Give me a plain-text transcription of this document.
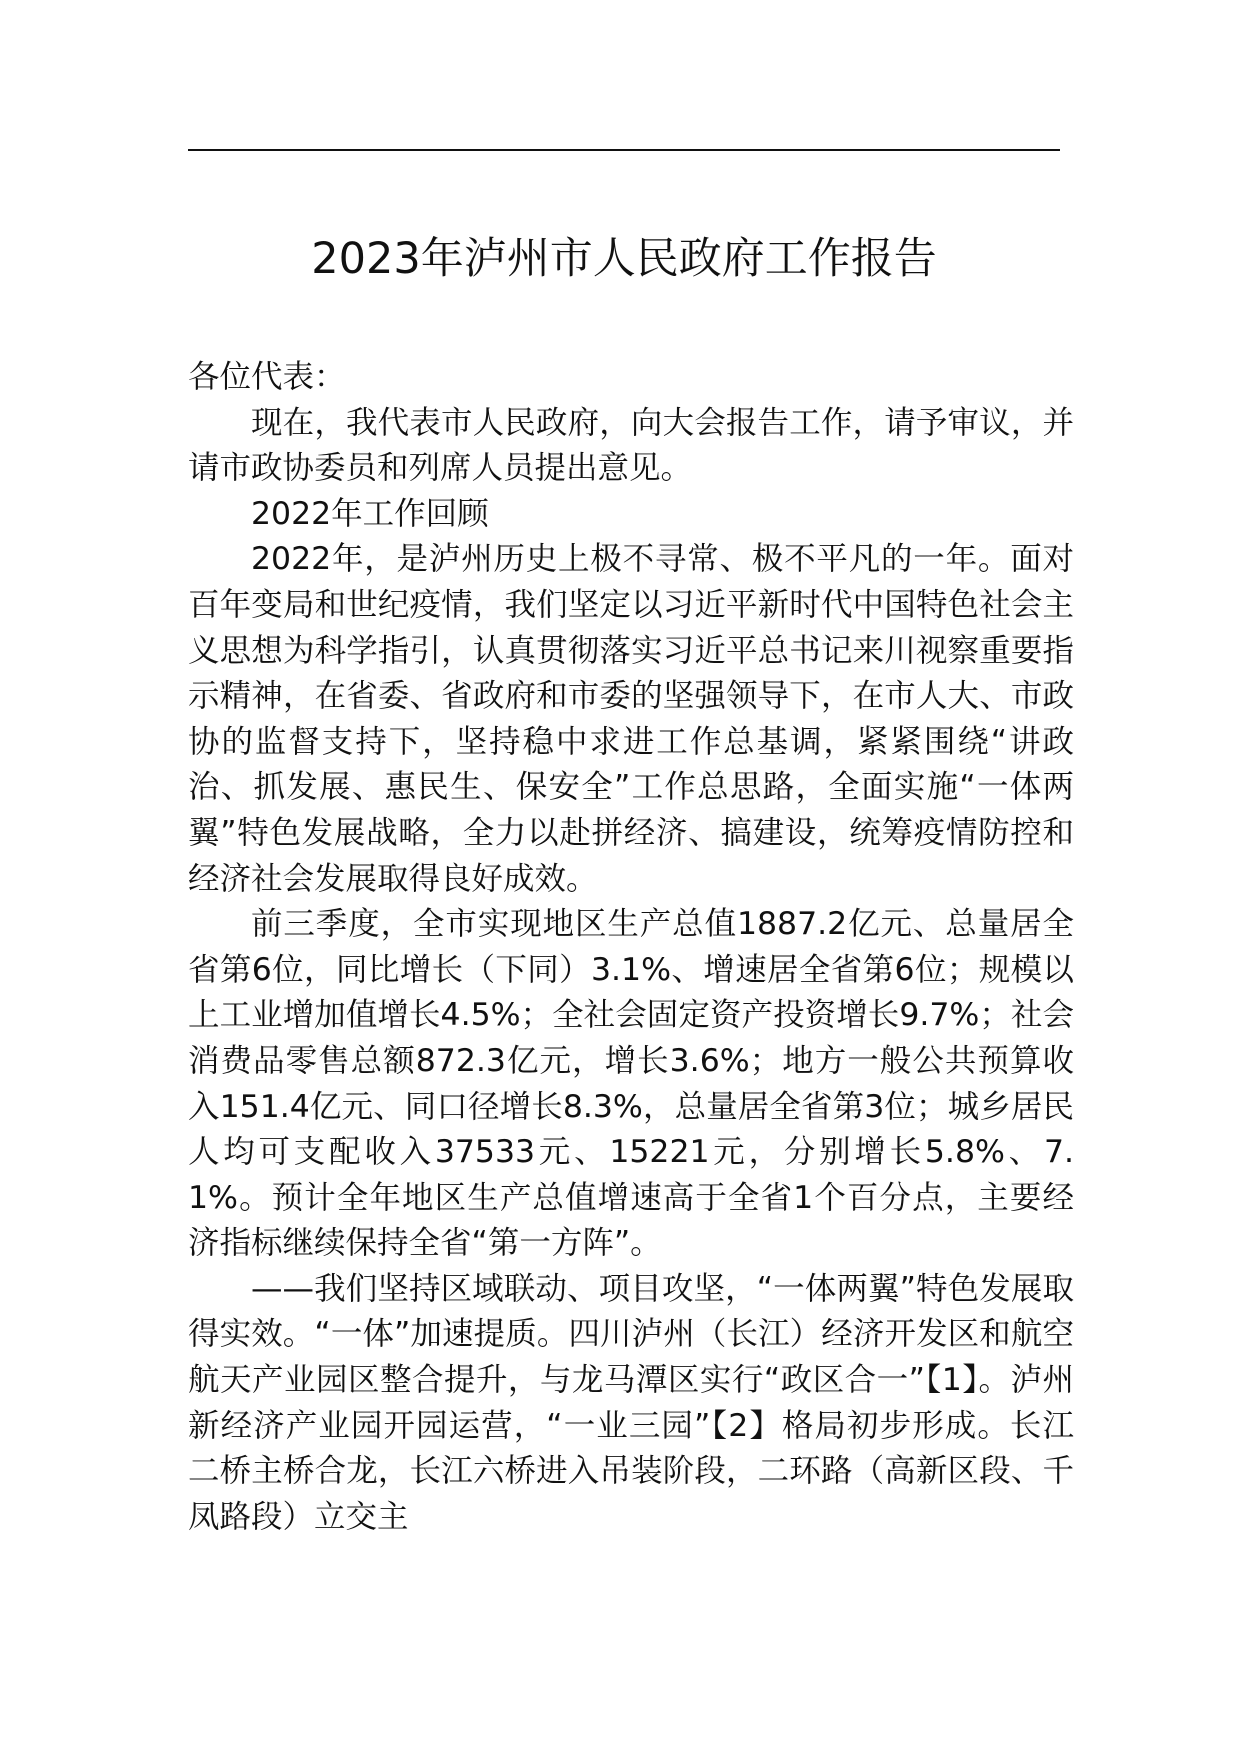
2023年泸州市人民政府工作报告

各位代表：

现在，我代表市人民政府，向大会报告工作，请予审议，并请市政协委员和列席人员提出意见。

2022年工作回顾

2022年，是泸州历史上极不寻常、极不平凡的一年。面对百年变局和世纪疫情，我们坚定以习近平新时代中国特色社会主义思想为科学指引，认真贯彻落实习近平总书记来川视察重要指示精神，在省委、省政府和市委的坚强领导下，在市人大、市政协的监督支持下，坚持稳中求进工作总基调，紧紧围绕“讲政治、抓发展、惠民生、保安全”工作总思路，全面实施“一体两翼”特色发展战略，全力以赴拼经济、搞建设，统筹疫情防控和经济社会发展取得良好成效。

前三季度，全市实现地区生产总值1887.2亿元、总量居全省第6位，同比增长（下同）3.1%、增速居全省第6位；规模以上工业增加值增长4.5%；全社会固定资产投资增长9.7%；社会消费品零售总额872.3亿元，增长3.6%；地方一般公共预算收入151.4亿元、同口径增长8.3%，总量居全省第3位；城乡居民人均可支配收入37533元、15221元，分别增长5.8%、7.1%。预计全年地区生产总值增速高于全省1个百分点，主要经济指标继续保持全省“第一方阵”。

——我们坚持区域联动、项目攻坚，“一体两翼”特色发展取得实效。“一体”加速提质。四川泸州（长江）经济开发区和航空航天产业园区整合提升，与龙马潭区实行“政区合一”【1】。泸州新经济产业园开园运营，“一业三园”【2】格局初步形成。长江二桥主桥合龙，长江六桥进入吊装阶段，二环路（高新区段、千凤路段）立交主
